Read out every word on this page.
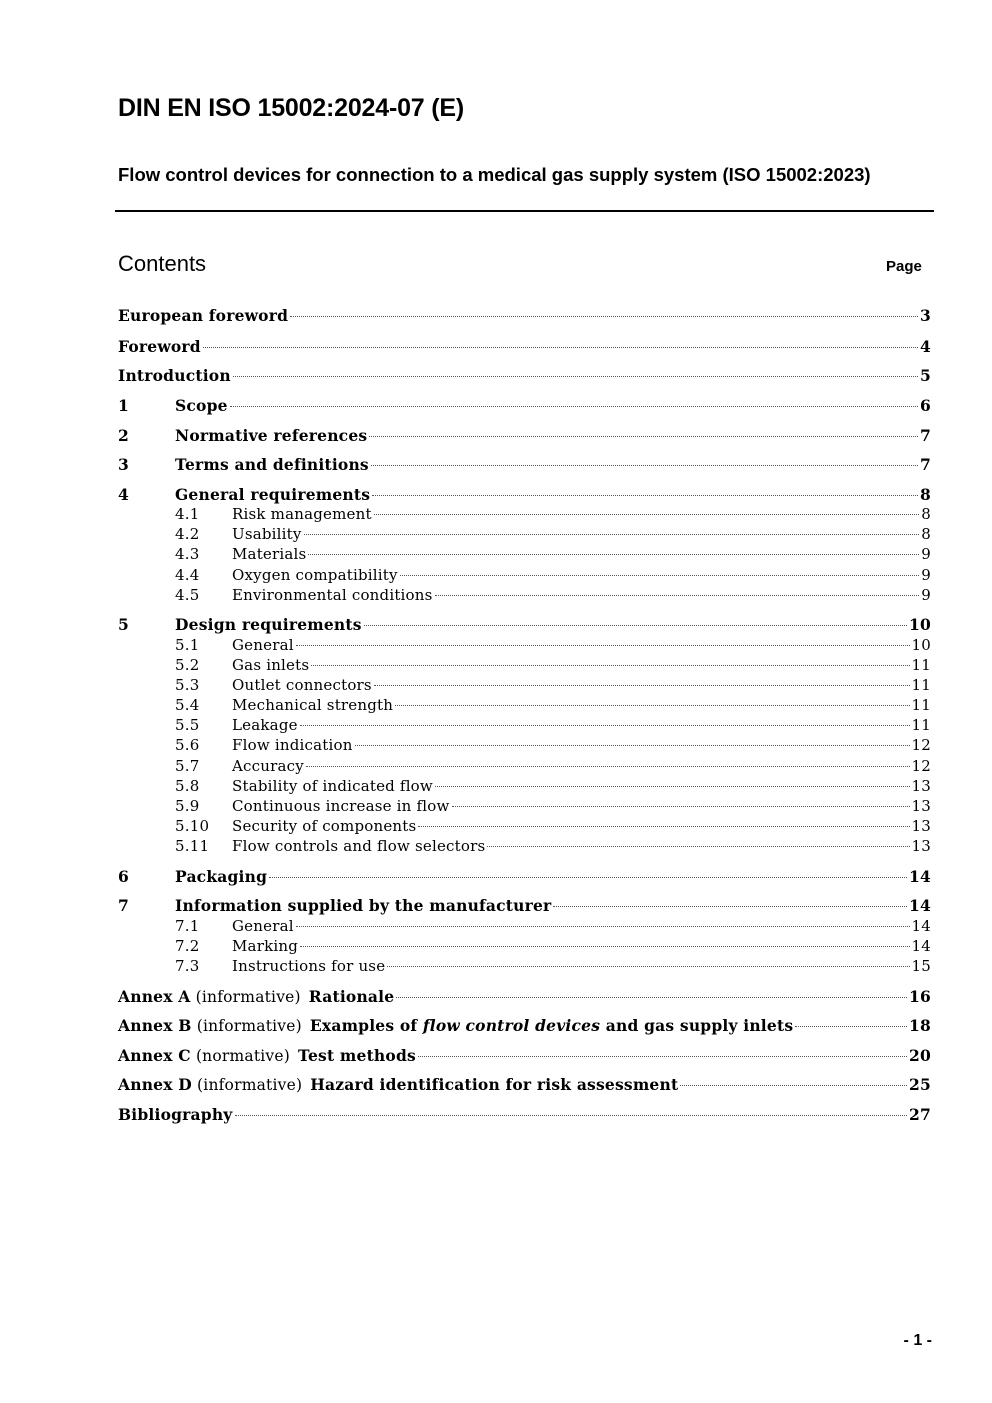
DIN EN ISO 15002:2024-07 (E)
Flow control devices for connection to a medical gas supply system (ISO 15002:2023)
Contents	Page
European foreword	3
Foreword	4
Introduction	5
1	Scope	6
2	Normative references	7
3	Terms and definitions	7
4	General requirements	8
4.1	Risk management	8
4.2	Usability	8
4.3	Materials	9
4.4	Oxygen compatibility	9
4.5	Environmental conditions	9
5	Design requirements	10
5.1	General	10
5.2	Gas inlets	11
5.3	Outlet connectors	11
5.4	Mechanical strength	11
5.5	Leakage	11
5.6	Flow indication	12
5.7	Accuracy	12
5.8	Stability of indicated flow	13
5.9	Continuous increase in flow	13
5.10	Security of components	13
5.11	Flow controls and flow selectors	13
6	Packaging	14
7	Information supplied by the manufacturer	14
7.1	General	14
7.2	Marking	14
7.3	Instructions for use	15
Annex A (informative) Rationale	16
Annex B (informative) Examples of flow control devices and gas supply inlets	18
Annex C (normative) Test methods	20
Annex D (informative) Hazard identification for risk assessment	25
Bibliography	27
- 1 -
